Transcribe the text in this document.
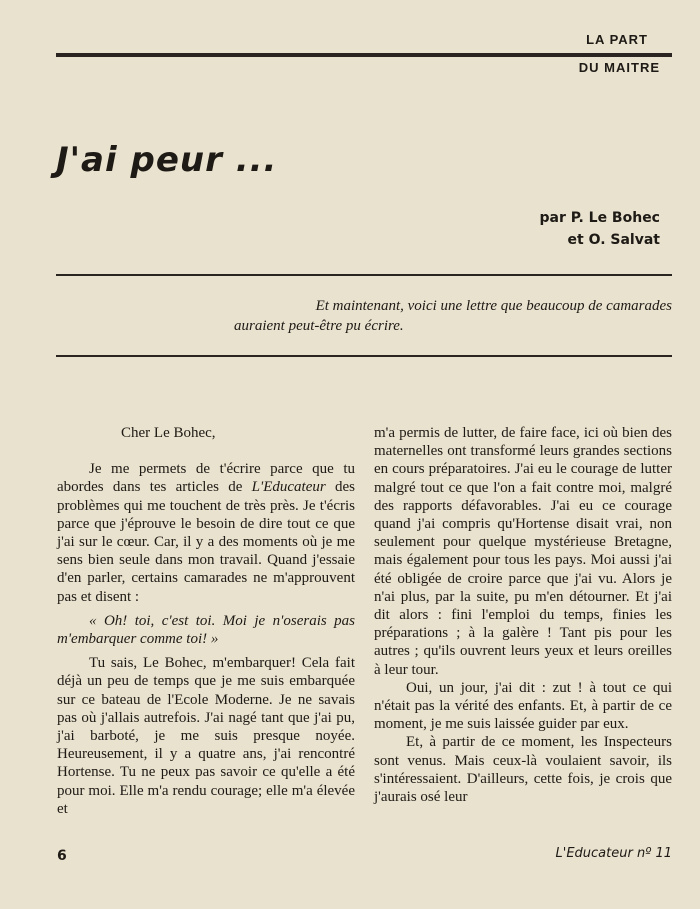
LA PART
DU MAITRE
J'ai peur ...
par P. Le Bohec
et O. Salvat
Et maintenant, voici une lettre que beaucoup de camarades
auraient peut-être pu écrire.

Cher Le Bohec,

Je me permets de t'écrire parce que tu abordes dans tes articles de L'Educateur des problèmes qui me touchent de très près. Je t'écris parce que j'éprouve le besoin de dire tout ce que j'ai sur le cœur. Car, il y a des moments où je me sens bien seule dans mon travail. Quand j'essaie d'en parler, certains camarades ne m'approuvent pas et disent :

« Oh! toi, c'est toi. Moi je n'oserais pas m'embarquer comme toi! »

Tu sais, Le Bohec, m'embarquer! Cela fait déjà un peu de temps que je me suis embarquée sur ce bateau de l'Ecole Moderne. Je ne savais pas où j'allais autrefois. J'ai nagé tant que j'ai pu, j'ai barboté, je me suis presque noyée. Heureusement, il y a quatre ans, j'ai rencontré Hortense. Tu ne peux pas savoir ce qu'elle a été pour moi. Elle m'a rendu courage; elle m'a élevée et

m'a permis de lutter, de faire face, ici où bien des maternelles ont transformé leurs grandes sections en cours préparatoires. J'ai eu le courage de lutter malgré tout ce que l'on a fait contre moi, malgré des rapports défavorables. J'ai eu ce courage quand j'ai compris qu'Hortense disait vrai, non seulement pour quelque mystérieuse Bretagne, mais également pour tous les pays. Moi aussi j'ai été obligée de croire parce que j'ai vu. Alors je n'ai plus, par la suite, pu m'en détourner. Et j'ai dit alors : fini l'emploi du temps, finies les préparations ; à la galère ! Tant pis pour les autres ; qu'ils ouvrent leurs yeux et leurs oreilles à leur tour.

Oui, un jour, j'ai dit : zut ! à tout ce qui n'était pas la vérité des enfants. Et, à partir de ce moment, je me suis laissée guider par eux.

Et, à partir de ce moment, les Inspecteurs sont venus. Mais ceux-là voulaient savoir, ils s'intéressaient. D'ailleurs, cette fois, je crois que j'aurais osé leur

6	L'Educateur nº 11
